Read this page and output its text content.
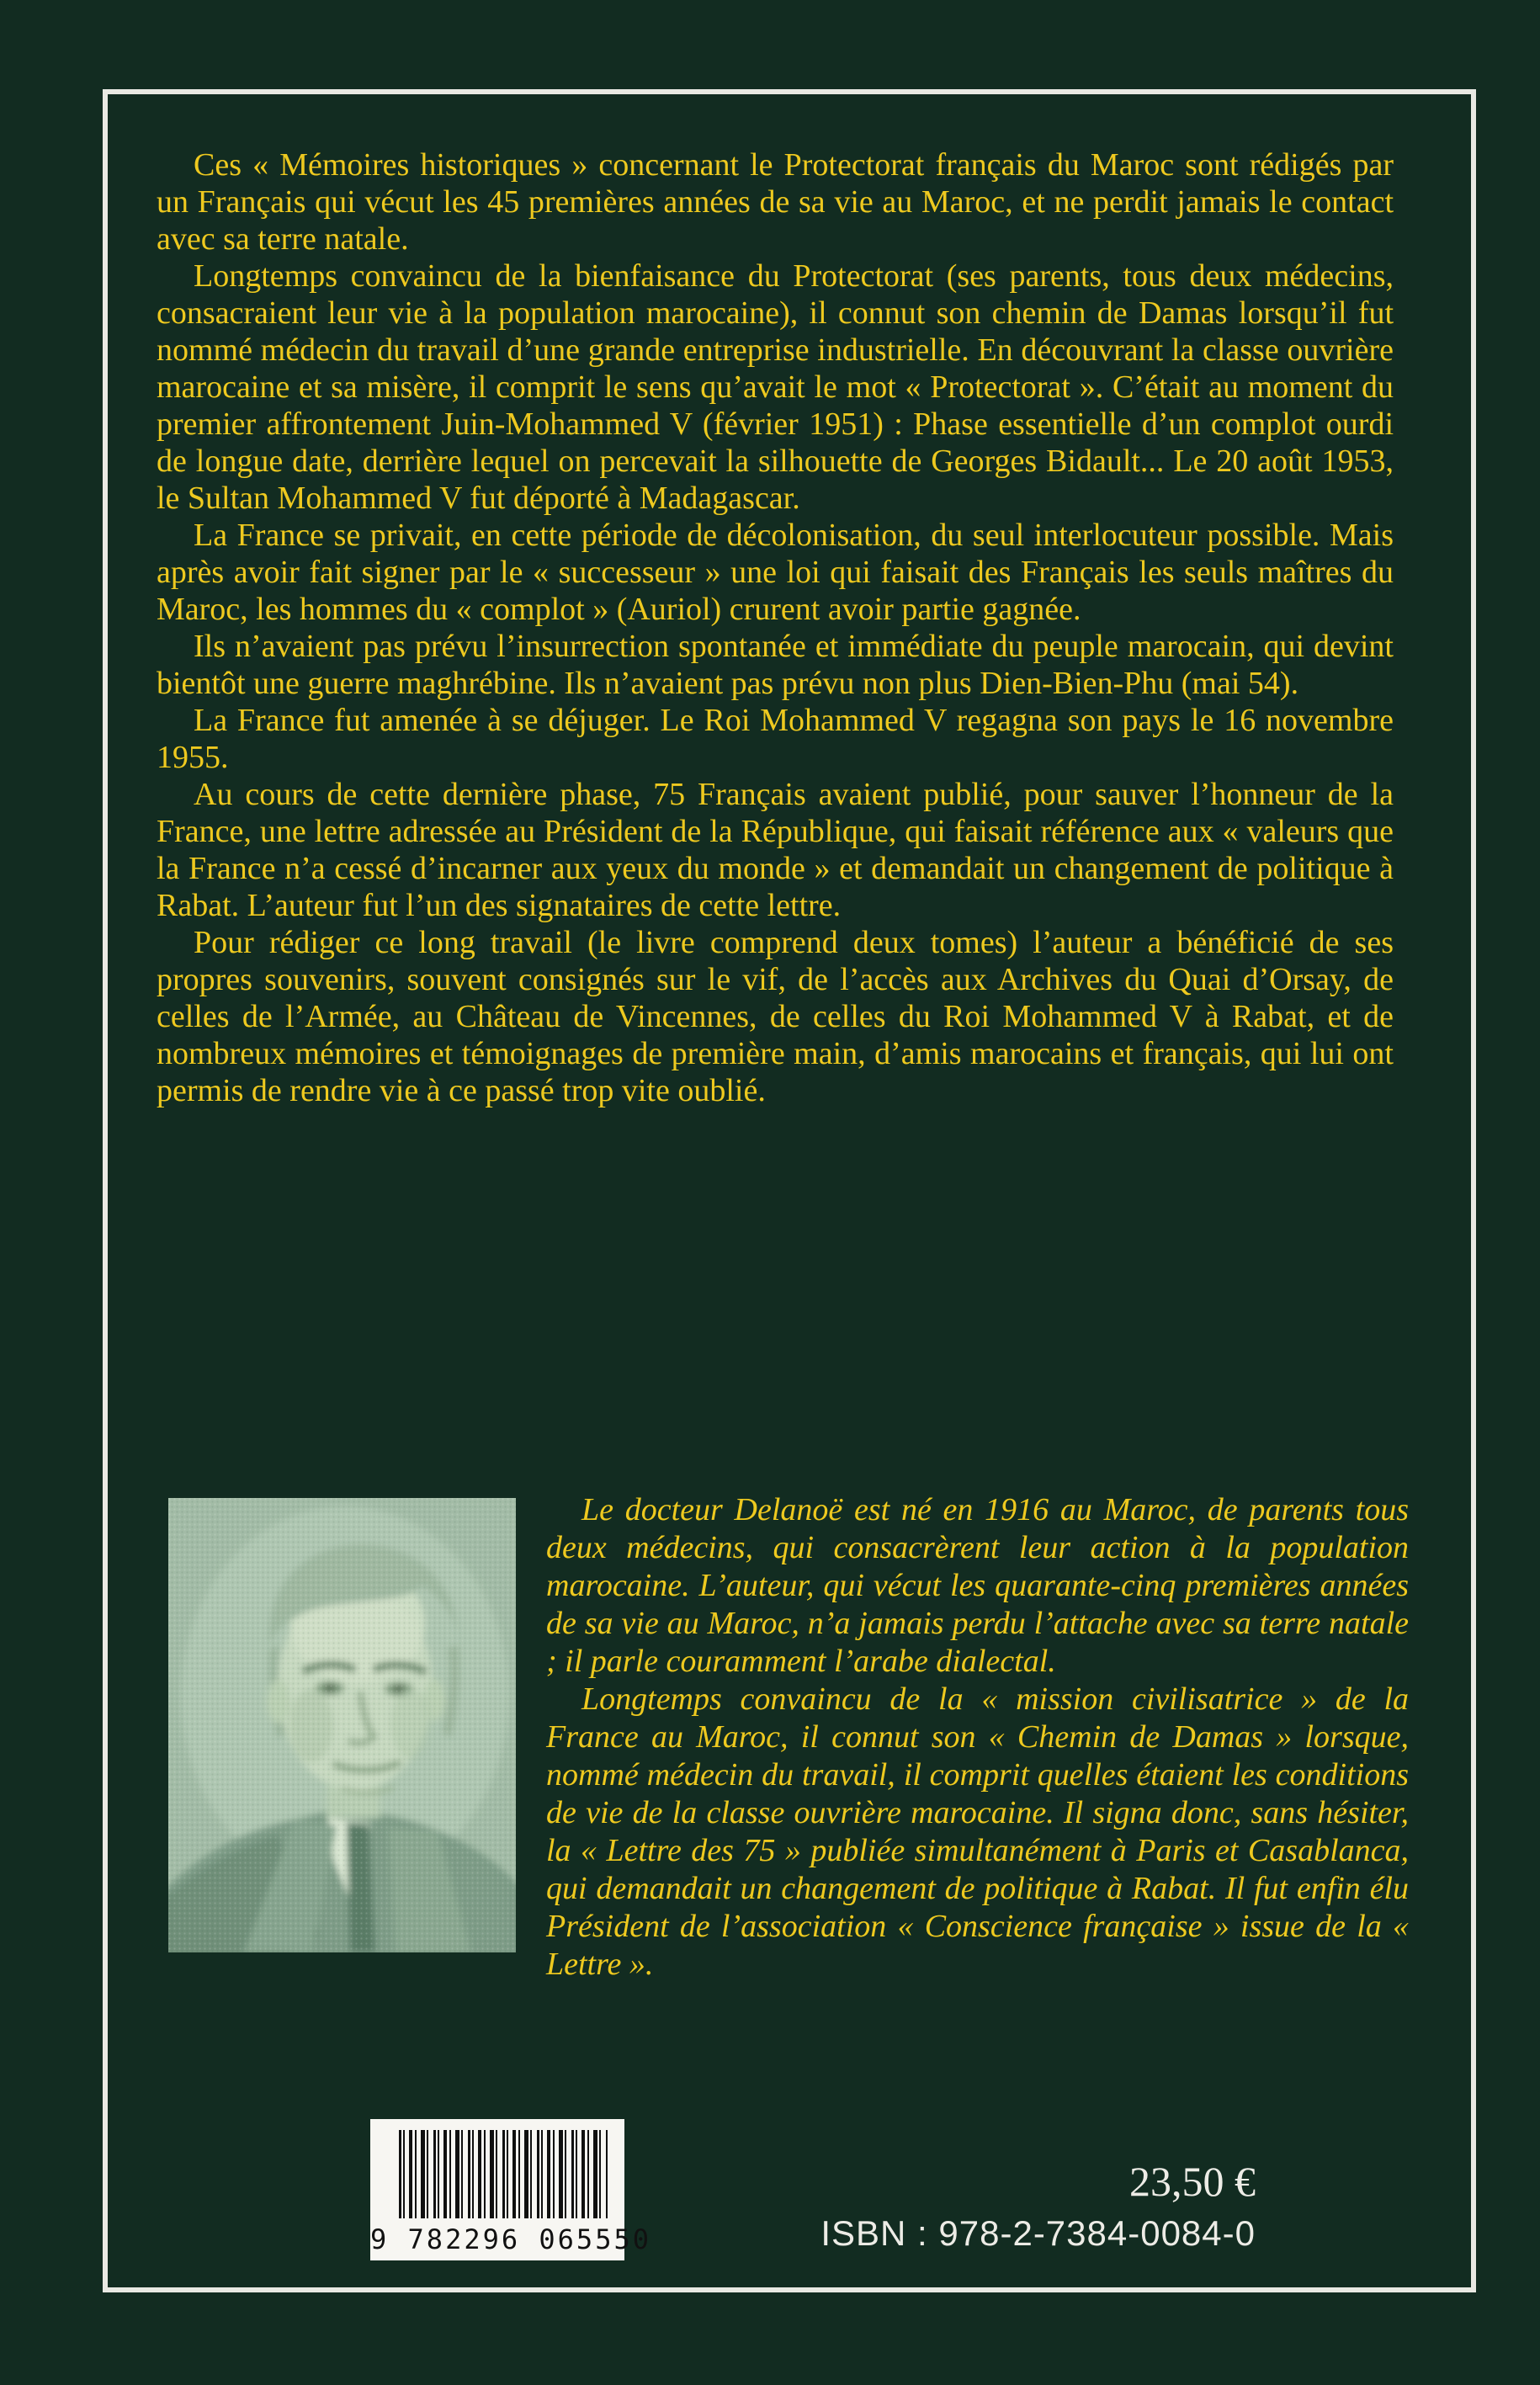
Ces « Mémoires historiques » concernant le Protectorat français du Maroc sont rédigés par un Français qui vécut les 45 premières années de sa vie au Maroc, et ne perdit jamais le contact avec sa terre natale.

Longtemps convaincu de la bienfaisance du Protectorat (ses parents, tous deux médecins, consacraient leur vie à la population marocaine), il connut son chemin de Damas lorsqu’il fut nommé médecin du travail d’une grande entreprise industrielle. En découvrant la classe ouvrière marocaine et sa misère, il comprit le sens qu’avait le mot « Protectorat ». C’était au moment du premier affrontement Juin-Mohammed V (février 1951) : Phase essentielle d’un complot ourdi de longue date, derrière lequel on percevait la silhouette de Georges Bidault... Le 20 août 1953, le Sultan Mohammed V fut déporté à Madagascar.

La France se privait, en cette période de décolonisation, du seul interlocuteur possible. Mais après avoir fait signer par le « successeur » une loi qui faisait des Français les seuls maîtres du Maroc, les hommes du « complot » (Auriol) crurent avoir partie gagnée.

Ils n’avaient pas prévu l’insurrection spontanée et immédiate du peuple marocain, qui devint bientôt une guerre maghrébine. Ils n’avaient pas prévu non plus Dien-Bien-Phu (mai 54).

La France fut amenée à se déjuger. Le Roi Mohammed V regagna son pays le 16 novembre 1955.

Au cours de cette dernière phase, 75 Français avaient publié, pour sauver l’honneur de la France, une lettre adressée au Président de la République, qui faisait référence aux « valeurs que la France n’a cessé d’incarner aux yeux du monde » et demandait un changement de politique à Rabat. L’auteur fut l’un des signataires de cette lettre.

Pour rédiger ce long travail (le livre comprend deux tomes) l’auteur a bénéficié de ses propres souvenirs, souvent consignés sur le vif, de l’accès aux Archives du Quai d’Orsay, de celles de l’Armée, au Château de Vincennes, de celles du Roi Mohammed V à Rabat, et de nombreux mémoires et témoignages de première main, d’amis marocains et français, qui lui ont permis de rendre vie à ce passé trop vite oublié.

Le docteur Delanoë est né en 1916 au Maroc, de parents tous deux médecins, qui consacrèrent leur action à la population marocaine. L’auteur, qui vécut les quarante-cinq premières années de sa vie au Maroc, n’a jamais perdu l’attache avec sa terre natale ; il parle couramment l’arabe dialectal.

Longtemps convaincu de la « mission civilisatrice » de la France au Maroc, il connut son « Chemin de Damas » lorsque, nommé médecin du travail, il comprit quelles étaient les conditions de vie de la classe ouvrière marocaine. Il signa donc, sans hésiter, la « Lettre des 75 » publiée simultanément à Paris et Casablanca, qui demandait un changement de politique à Rabat. Il fut enfin élu Président de l’association « Conscience française » issue de la « Lettre ».

9 782296 065550
23,50 €
ISBN : 978-2-7384-0084-0
